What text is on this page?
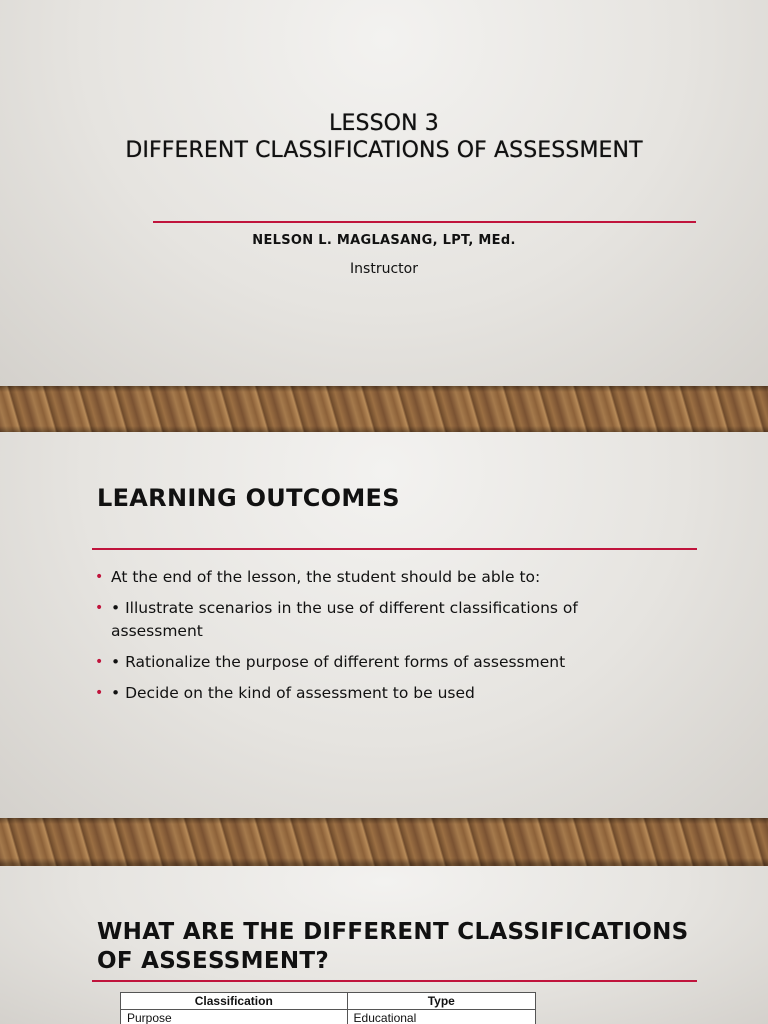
LESSON 3
DIFFERENT CLASSIFICATIONS OF ASSESSMENT
NELSON L. MAGLASANG, LPT, MEd.
Instructor
LEARNING OUTCOMES
• At the end of the lesson, the student should be able to:
• • Illustrate scenarios in the use of different classifications of assessment
• • Rationalize the purpose of different forms of assessment
• • Decide on the kind of assessment to be used
WHAT ARE THE DIFFERENT CLASSIFICATIONS OF ASSESSMENT?
Classification	Type
Purpose	Educational
